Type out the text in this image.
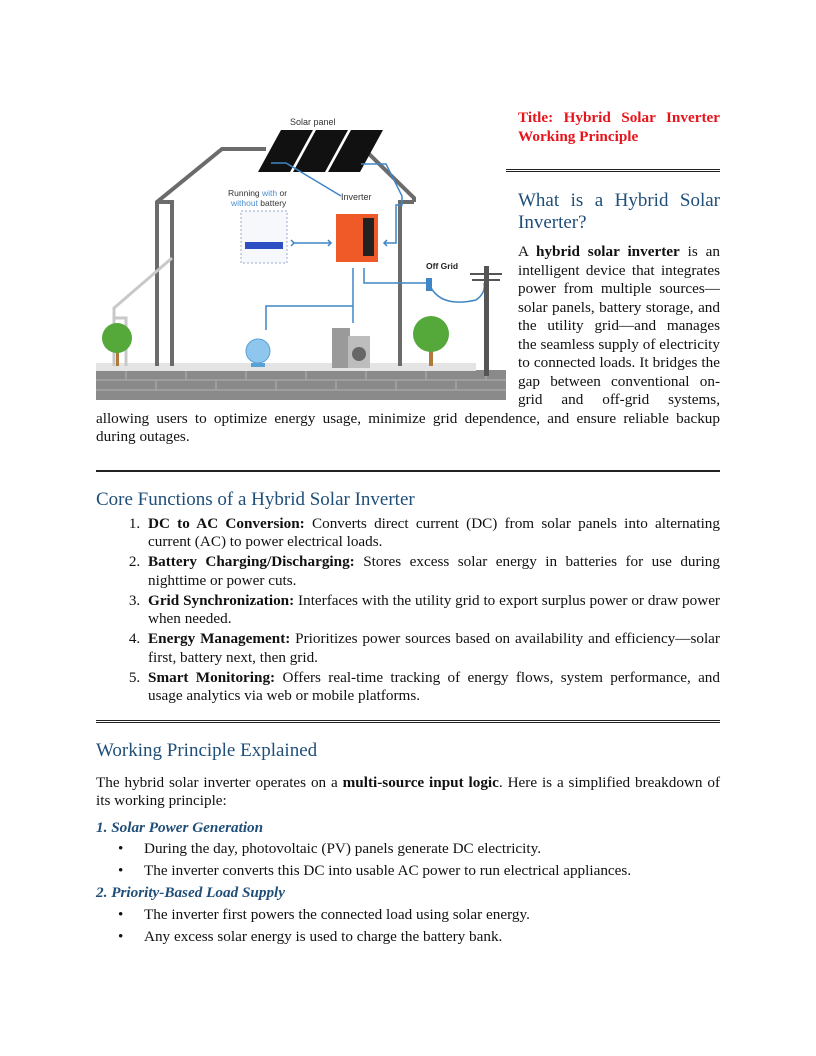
Solar panel
Running with or
without battery
Inverter
Off Grid

Title: Hybrid Solar Inverter Working Principle

What is a Hybrid Solar Inverter?

A hybrid solar inverter is an intelligent device that integrates power from multiple sources—solar panels, battery storage, and the utility grid—and manages the seamless supply of electricity to connected loads. It bridges the gap between conventional on-grid and off-grid systems, allowing users to optimize energy usage, minimize grid dependence, and ensure reliable backup during outages.

Core Functions of a Hybrid Solar Inverter
1. DC to AC Conversion: Converts direct current (DC) from solar panels into alternating current (AC) to power electrical loads.
2. Battery Charging/Discharging: Stores excess solar energy in batteries for use during nighttime or power cuts.
3. Grid Synchronization: Interfaces with the utility grid to export surplus power or draw power when needed.
4. Energy Management: Prioritizes power sources based on availability and efficiency—solar first, battery next, then grid.
5. Smart Monitoring: Offers real-time tracking of energy flows, system performance, and usage analytics via web or mobile platforms.
Working Principle Explained

The hybrid solar inverter operates on a multi-source input logic. Here is a simplified breakdown of its working principle:

1. Solar Power Generation
• During the day, photovoltaic (PV) panels generate DC electricity.
• The inverter converts this DC into usable AC power to run electrical appliances.
2. Priority-Based Load Supply
• The inverter first powers the connected load using solar energy.
• Any excess solar energy is used to charge the battery bank.
